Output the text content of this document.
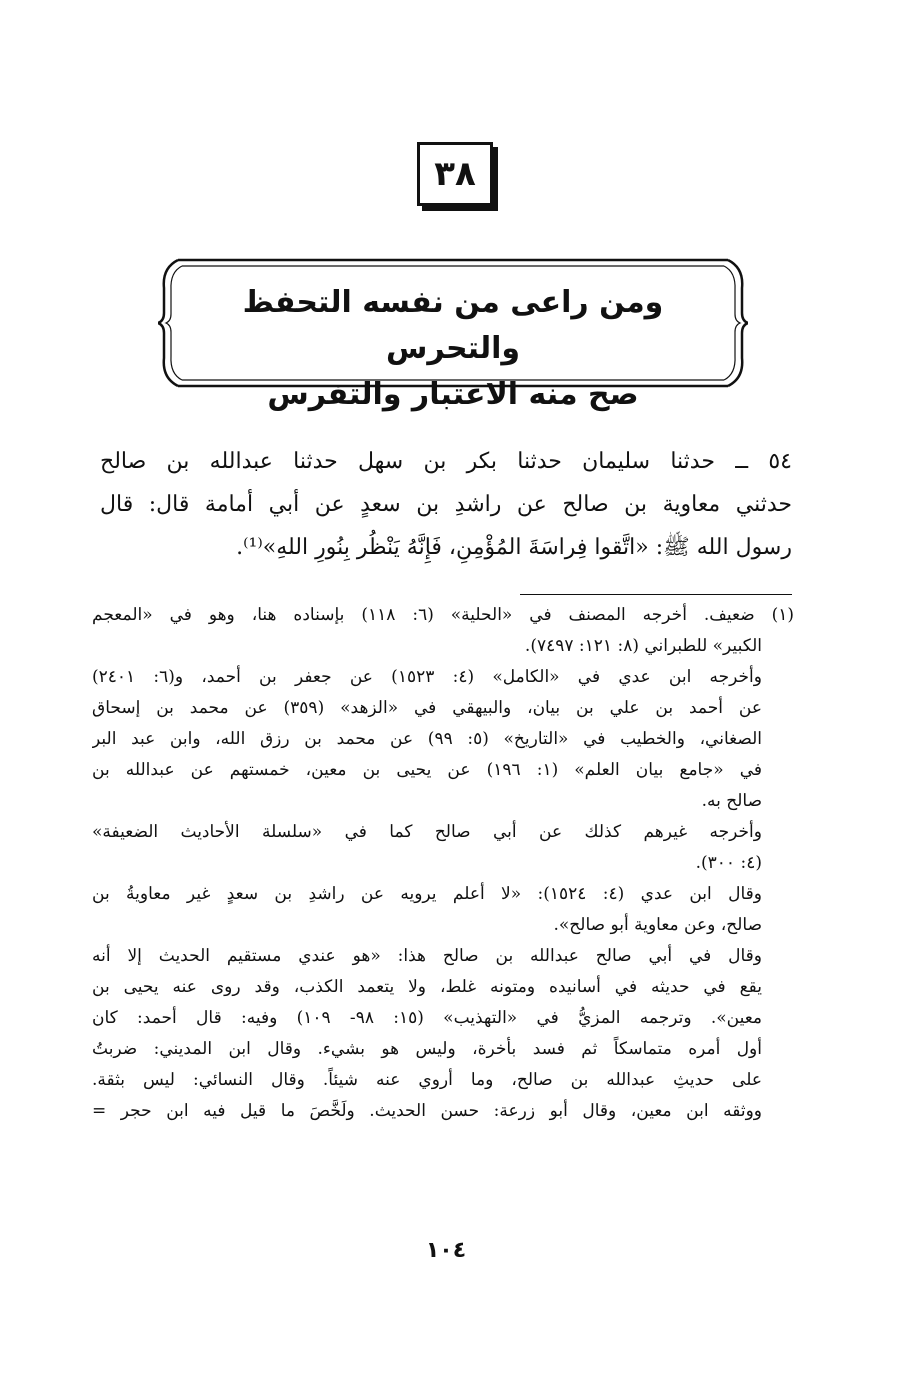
٣٨
ومن راعى من نفسه التحفظ والتحرس
صح منه الاعتبار والتفرس
٥٤ ــ حدثنا سليمان حدثنا بكر بن سهل حدثنا عبدالله بن صالح
حدثني معاوية بن صالح عن راشدِ بن سعدٍ عن أبي أمامة قال: قال
رسول الله ﷺ: «اتَّقوا فِراسَةَ المُؤْمِنِ، فَإِنَّهُ يَنْظُر بِنُورِ اللهِ»⁽¹⁾.
(١) ضعيف. أخرجه المصنف في «الحلية» (٦: ١١٨) بإسناده هنا، وهو في «المعجم
الكبير» للطبراني (٨: ١٢١: ٧٤٩٧).
وأخرجه ابن عدي في «الكامل» (٤: ١٥٢٣) عن جعفر بن أحمد، و(٦: ٢٤٠١)
عن أحمد بن علي بن بيان، والبيهقي في «الزهد» (٣٥٩) عن محمد بن إسحاق
الصغاني، والخطيب في «التاريخ» (٥: ٩٩) عن محمد بن رزق الله، وابن عبد البر
في «جامع بيان العلم» (١: ١٩٦) عن يحيى بن معين، خمستهم عن عبدالله بن
صالح به.
وأخرجه غيرهم كذلك عن أبي صالح كما في «سلسلة الأحاديث الضعيفة»
(٤: ٣٠٠).
وقال ابن عدي (٤: ١٥٢٤): «لا أعلم يرويه عن راشدِ بن سعدٍ غير معاويةُ بن
صالح، وعن معاوية أبو صالح».
وقال في أبي صالح عبدالله بن صالح هذا: «هو عندي مستقيم الحديث إلا أنه
يقع في حديثه في أسانيده ومتونه غلط، ولا يتعمد الكذب، وقد روى عنه يحيى بن
معين». وترجمه المزيُّ في «التهذيب» (١٥: ٩٨- ١٠٩) وفيه: قال أحمد: كان
أول أمره متماسكاً ثم فسد بأخرة، وليس هو بشيء. وقال ابن المديني: ضربتُ
على حديثِ عبدالله بن صالح، وما أروي عنه شيئاً. وقال النسائي: ليس بثقة.
ووثقه ابن معين، وقال أبو زرعة: حسن الحديث. ولَخَّصَ ما قيل فيه ابن حجر =
١٠٤
